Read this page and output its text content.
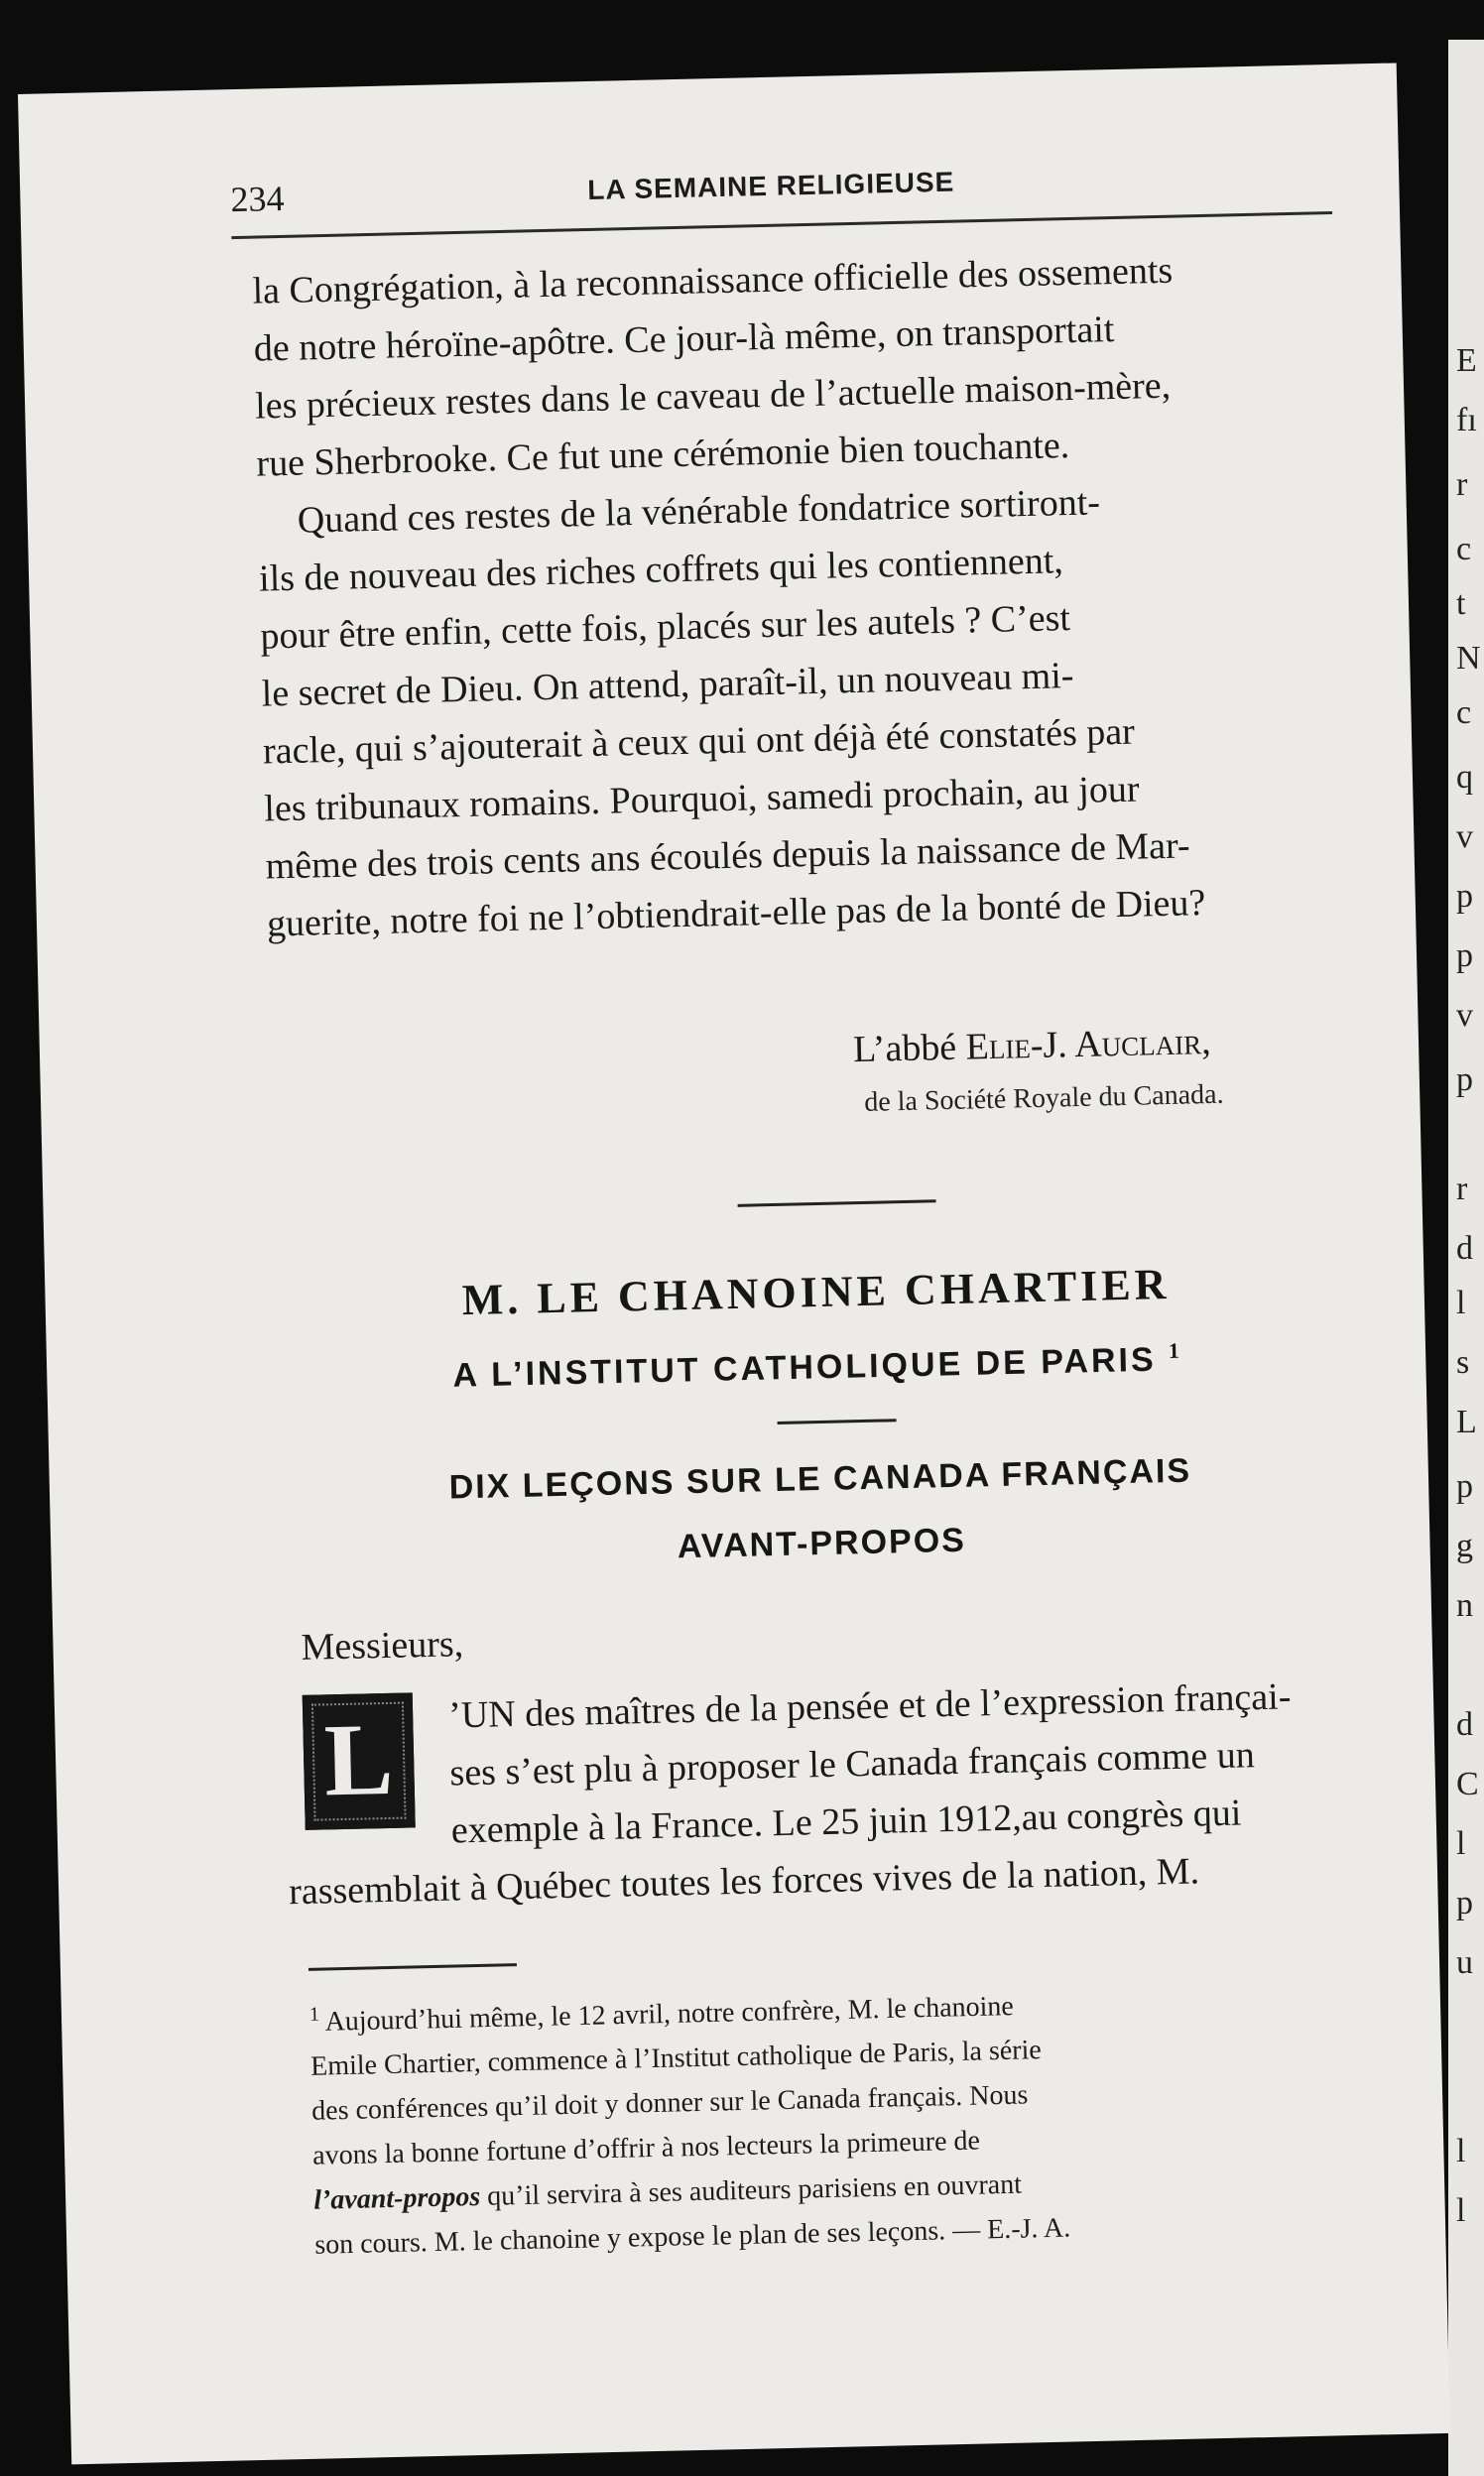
E
fı
r
c
t
N
c
q
v
p
p
v
p
r
d
l
s
L
p
g
n
d
C
l
p
u
l
l
234	LA SEMAINE RELIGIEUSE
la Congrégation, à la reconnaissance officielle des ossements
de notre héroïne-apôtre. Ce jour-là même, on transportait
les précieux restes dans le caveau de l’actuelle maison-mère,
rue Sherbrooke. Ce fut une cérémonie bien touchante.
Quand ces restes de la vénérable fondatrice sortiront-
ils de nouveau des riches coffrets qui les contiennent,
pour être enfin, cette fois, placés sur les autels ? C’est
le secret de Dieu. On attend, paraît-il, un nouveau mi-
racle, qui s’ajouterait à ceux qui ont déjà été constatés par
les tribunaux romains. Pourquoi, samedi prochain, au jour
même des trois cents ans écoulés depuis la naissance de Mar-
guerite, notre foi ne l’obtiendrait-elle pas de la bonté de Dieu?
L’abbé Elie-J. Auclair,
de la Société Royale du Canada.
M. LE CHANOINE CHARTIER
A L’INSTITUT CATHOLIQUE DE PARIS $^1$
DIX LEÇONS SUR LE CANADA FRANÇAIS
AVANT-PROPOS
Messieurs,
L	’UN des maîtres de la pensée et de l’expression françai-
ses s’est plu à proposer le Canada français comme un
exemple à la France. Le 25 juin 1912,au congrès qui
rassemblait à Québec toutes les forces vives de la nation, M.
$^1$ Aujourd’hui même, le 12 avril, notre confrère, M. le chanoine
Emile Chartier, commence à l’Institut catholique de Paris, la série
des conférences qu’il doit y donner sur le Canada français. Nous
avons la bonne fortune d’offrir à nos lecteurs la primeure de
l’avant-propos qu’il servira à ses auditeurs parisiens en ouvrant
son cours. M. le chanoine y expose le plan de ses leçons. — E.-J. A.
